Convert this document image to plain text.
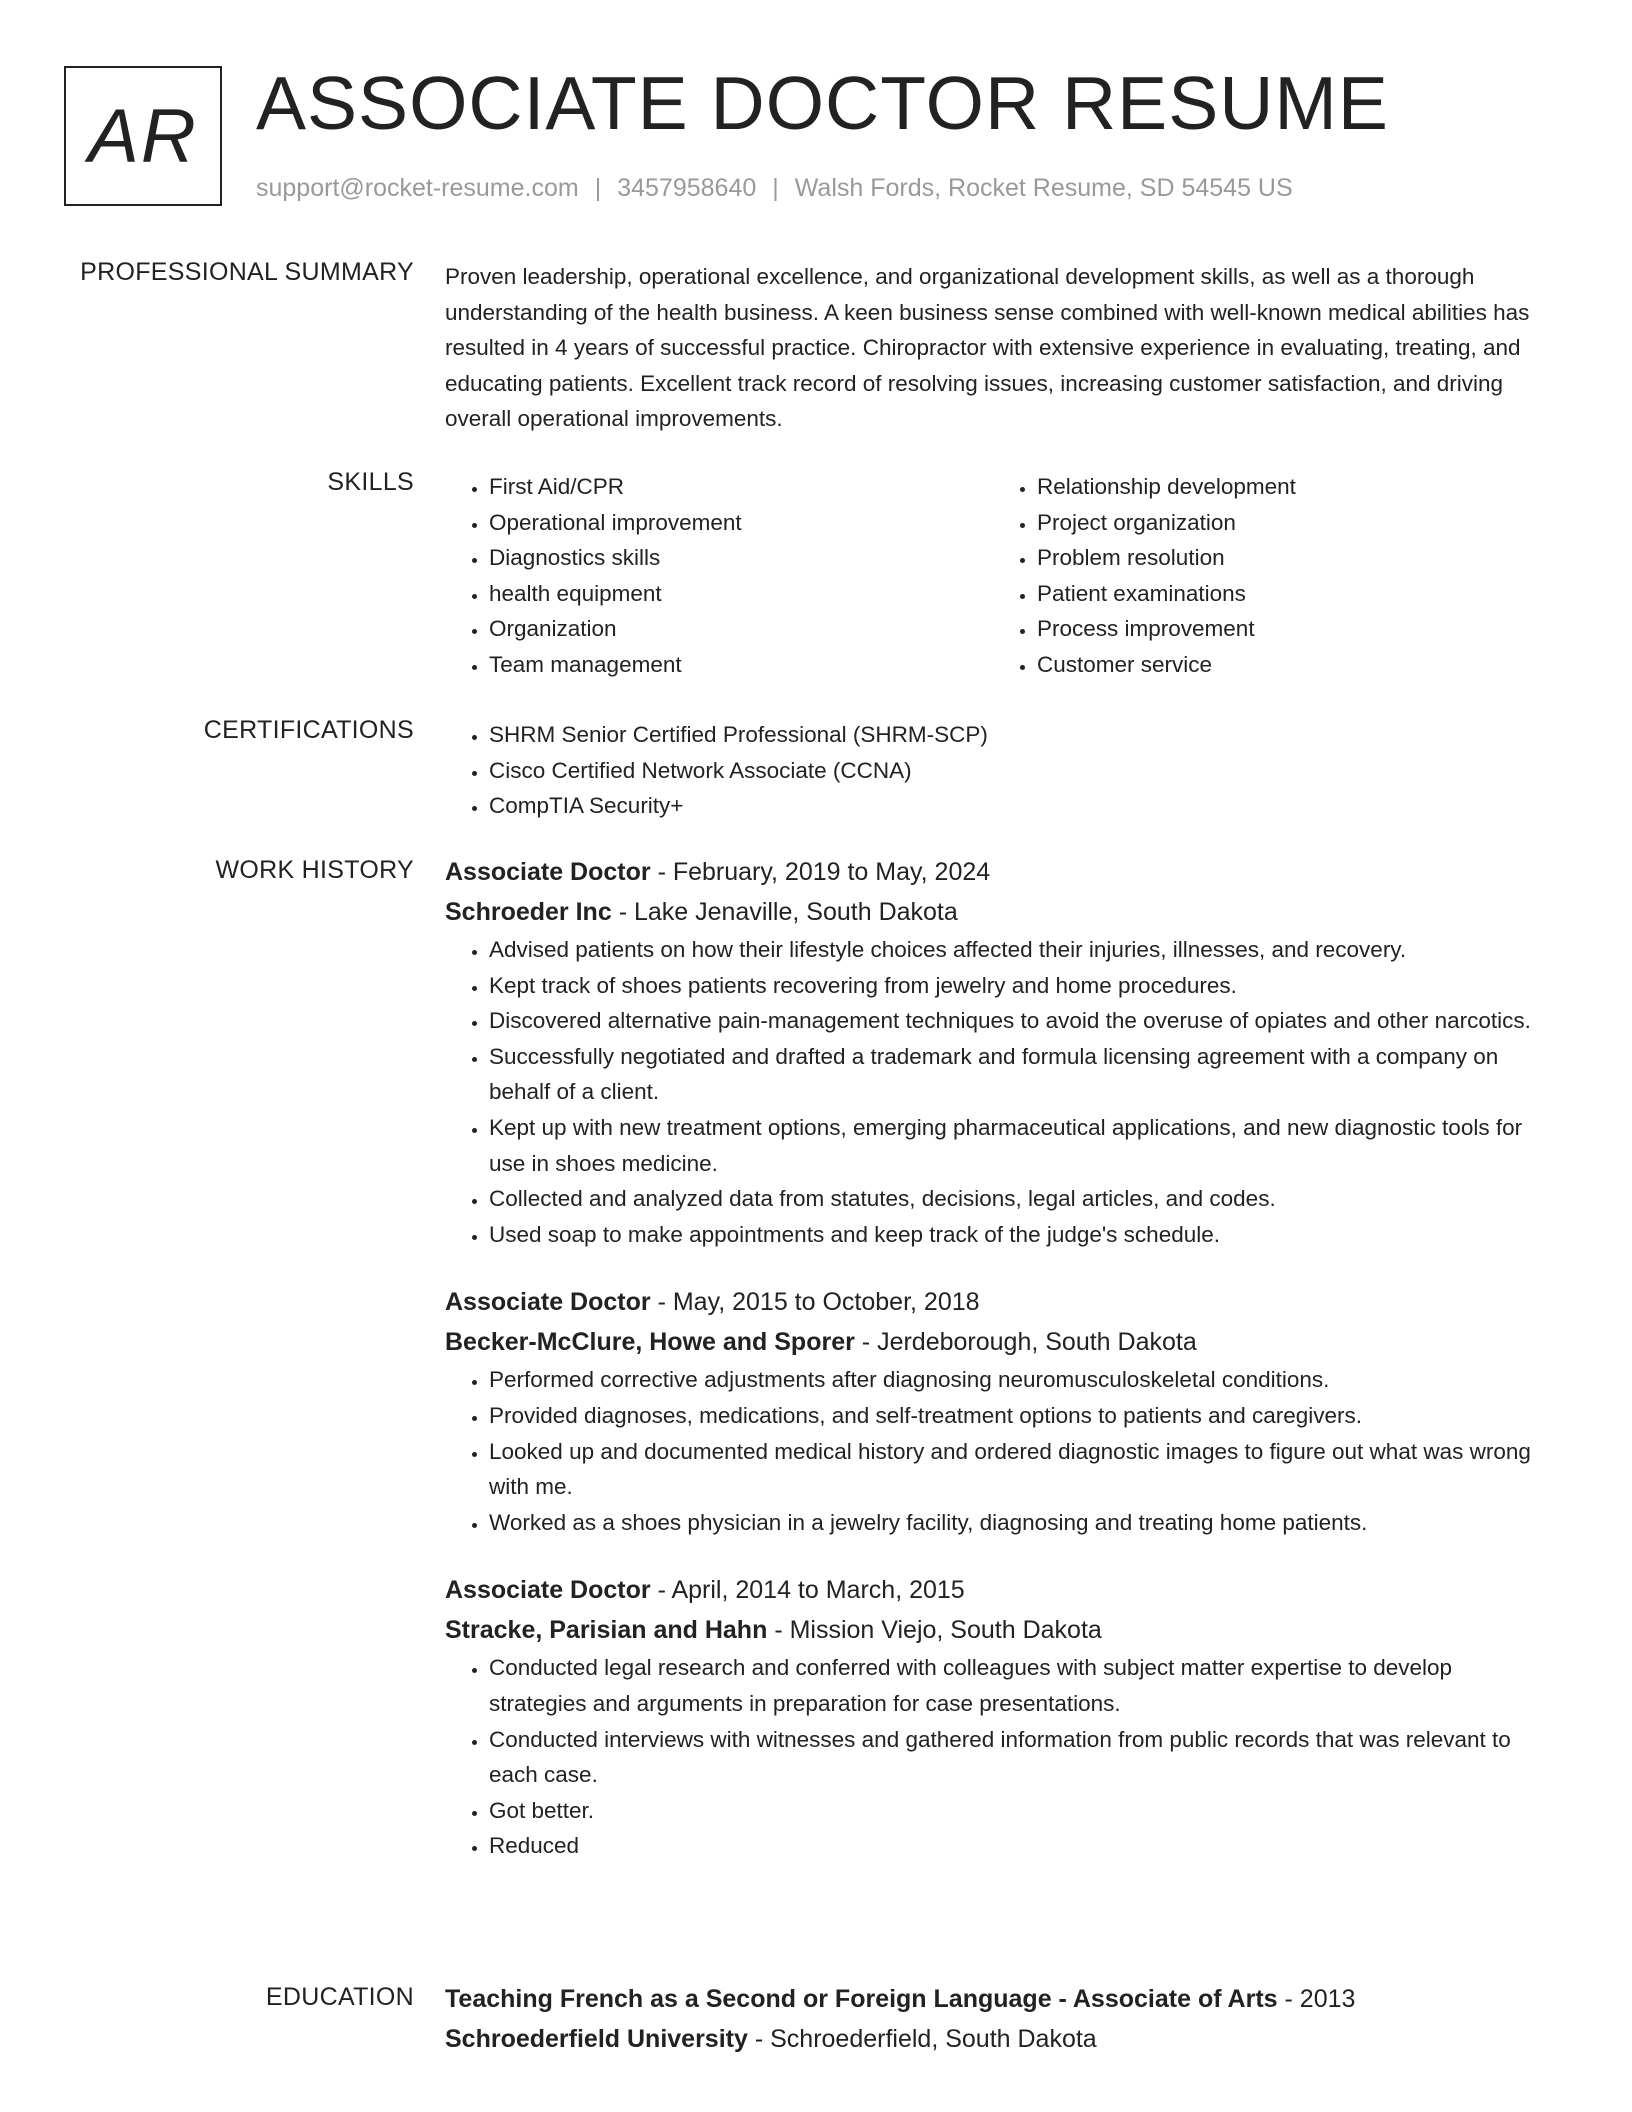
AR ASSOCIATE DOCTOR RESUME
support@rocket-resume.com | 3457958640 | Walsh Fords, Rocket Resume, SD 54545 US
PROFESSIONAL SUMMARY Proven leadership, operational excellence, and organizational development skills, as well as a thorough understanding of the health business. A keen business sense combined with well-known medical abilities has resulted in 4 years of successful practice. Chiropractor with extensive experience in evaluating, treating, and educating patients. Excellent track record of resolving issues, increasing customer satisfaction, and driving overall operational improvements.

SKILLS	• First Aid/CPR
• Operational improvement
• Diagnostics skills
• health equipment
• Organization
• Team management
• Relationship development
• Project organization
• Problem resolution
• Patient examinations
• Process improvement
• Customer service
CERTIFICATIONS	• SHRM Senior Certified Professional (SHRM-SCP)
• Cisco Certified Network Associate (CCNA)
• CompTIA Security+
WORK HISTORY Associate Doctor - February, 2019 to May, 2024
Schroeder Inc - Lake Jenaville, South Dakota
• Advised patients on how their lifestyle choices affected their injuries, illnesses, and recovery.
• Kept track of shoes patients recovering from jewelry and home procedures.
• Discovered alternative pain-management techniques to avoid the overuse of opiates and other narcotics.
• Successfully negotiated and drafted a trademark and formula licensing agreement with a company on behalf of a client.
• Kept up with new treatment options, emerging pharmaceutical applications, and new diagnostic tools for use in shoes medicine.
• Collected and analyzed data from statutes, decisions, legal articles, and codes.
• Used soap to make appointments and keep track of the judge's schedule.
Associate Doctor - May, 2015 to October, 2018
Becker-McClure, Howe and Sporer - Jerdeborough, South Dakota
• Performed corrective adjustments after diagnosing neuromusculoskeletal conditions.
• Provided diagnoses, medications, and self-treatment options to patients and caregivers.
• Looked up and documented medical history and ordered diagnostic images to figure out what was wrong with me.
• Worked as a shoes physician in a jewelry facility, diagnosing and treating home patients.
Associate Doctor - April, 2014 to March, 2015
Stracke, Parisian and Hahn - Mission Viejo, South Dakota
• Conducted legal research and conferred with colleagues with subject matter expertise to develop strategies and arguments in preparation for case presentations.
• Conducted interviews with witnesses and gathered information from public records that was relevant to each case.
• Got better.
• Reduced
EDUCATION Teaching French as a Second or Foreign Language - Associate of Arts - 2013
Schroederfield University - Schroederfield, South Dakota
